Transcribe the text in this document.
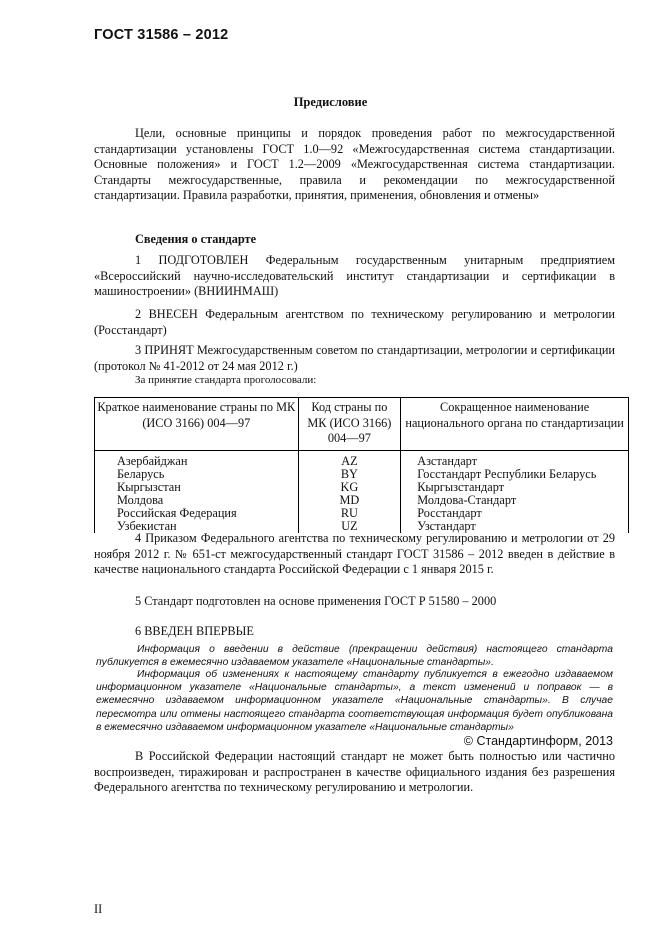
ГОСТ 31586 – 2012
Предисловие
Цели, основные принципы и порядок проведения работ по межгосударственной стандартизации установлены ГОСТ 1.0—92 «Межгосударственная система стандартизации. Основные положения» и ГОСТ 1.2—2009 «Межгосударственная система стандартизации. Стандарты межгосударственные, правила и рекомендации по межгосударственной стандартизации. Правила разработки, принятия, применения, обновления и отмены»
Сведения о стандарте
1 ПОДГОТОВЛЕН Федеральным государственным унитарным предприятием «Всероссийский научно-исследовательский институт стандартизации и сертификации в машиностроении» (ВНИИНМАШ)
2 ВНЕСЕН Федеральным агентством по техническому регулированию и метрологии (Росстандарт)
3 ПРИНЯТ Межгосударственным советом по стандартизации, метрологии и сертификации (протокол № 41-2012 от 24 мая 2012 г.)
За принятие стандарта проголосовали:
Краткое наименование страны по МК (ИСО 3166) 004—97	Код страны по МК (ИСО 3166) 004—97	Сокращенное наименование национального органа по стандартизации
Азербайджан	AZ	Азстандарт
Беларусь	BY	Госстандарт Республики Беларусь
Кыргызстан	KG	Кыргызстандарт
Молдова	MD	Молдова-Стандарт
Российская Федерация	RU	Росстандарт
Узбекистан	UZ	Узстандарт
4 Приказом Федерального агентства по техническому регулированию и метрологии от 29 ноября 2012 г. № 651-ст межгосударственный стандарт ГОСТ 31586 – 2012 введен в действие в качестве национального стандарта Российской Федерации с 1 января 2015 г.
5 Стандарт подготовлен на основе применения ГОСТ Р 51580 – 2000
6 ВВЕДЕН ВПЕРВЫЕ
Информация о введении в действие (прекращении действия) настоящего стандарта публикуется в ежемесячно издаваемом указателе «Национальные стандарты».
Информация об изменениях к настоящему стандарту публикуется в ежегодно издаваемом информационном указателе «Национальные стандарты», а текст изменений и поправок — в ежемесячно издаваемом информационном указателе «Национальные стандарты». В случае пересмотра или отмены настоящего стандарта соответствующая информация будет опубликована в ежемесячно издаваемом информационном указателе «Национальные стандарты»
© Стандартинформ, 2013
В Российской Федерации настоящий стандарт не может быть полностью или частично воспроизведен, тиражирован и распространен в качестве официального издания без разрешения Федерального агентства по техническому регулированию и метрологии.
II
